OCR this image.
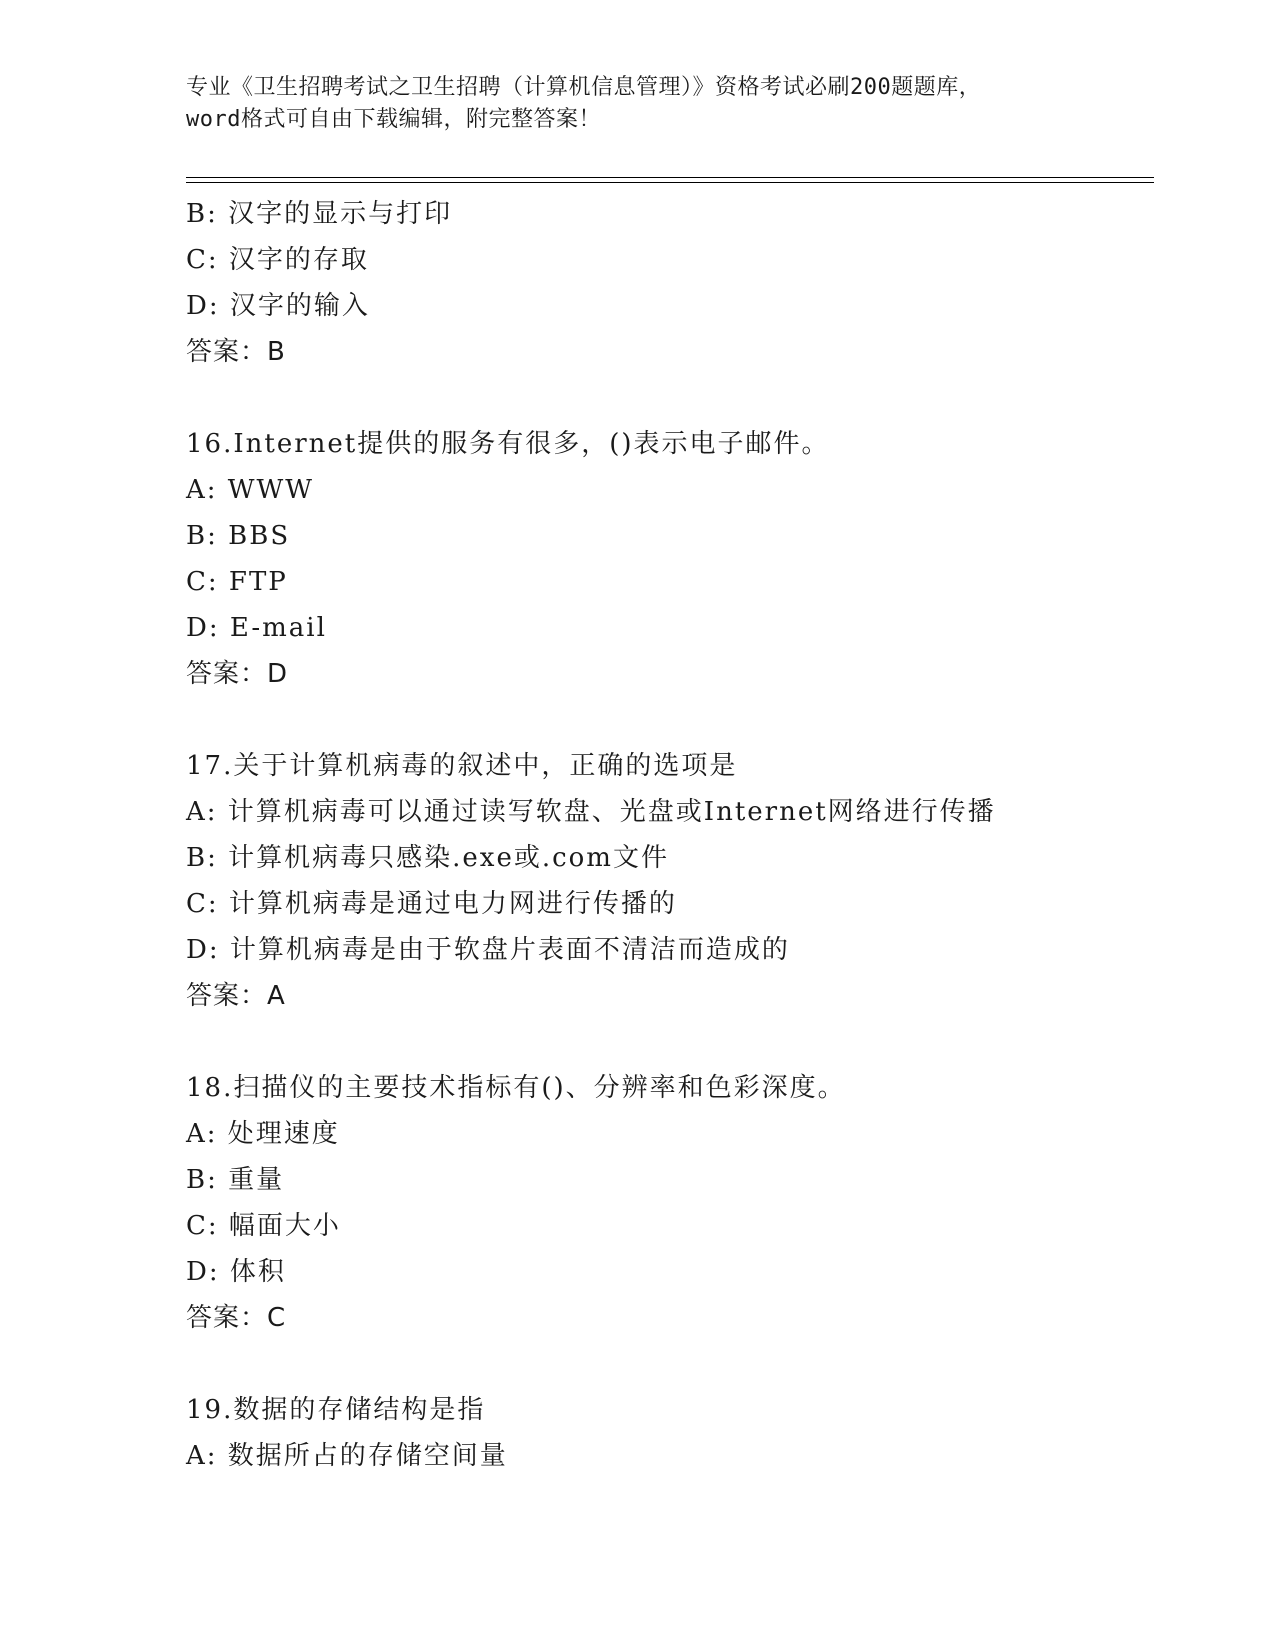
专业《卫生招聘考试之卫生招聘（计算机信息管理）》资格考试必刷200题题库，
word格式可自由下载编辑，附完整答案！
B: 汉字的显示与打印
C: 汉字的存取
D: 汉字的输入
答案：B
16.Internet提供的服务有很多，()表示电子邮件。
A: WWW
B: BBS
C: FTP
D: E-mail
答案：D
17.关于计算机病毒的叙述中，正确的选项是
A: 计算机病毒可以通过读写软盘、光盘或Internet网络进行传播
B: 计算机病毒只感染.exe或.com文件
C: 计算机病毒是通过电力网进行传播的
D: 计算机病毒是由于软盘片表面不清洁而造成的
答案：A
18.扫描仪的主要技术指标有()、分辨率和色彩深度。
A: 处理速度
B: 重量
C: 幅面大小
D: 体积
答案：C
19.数据的存储结构是指
A: 数据所占的存储空间量
